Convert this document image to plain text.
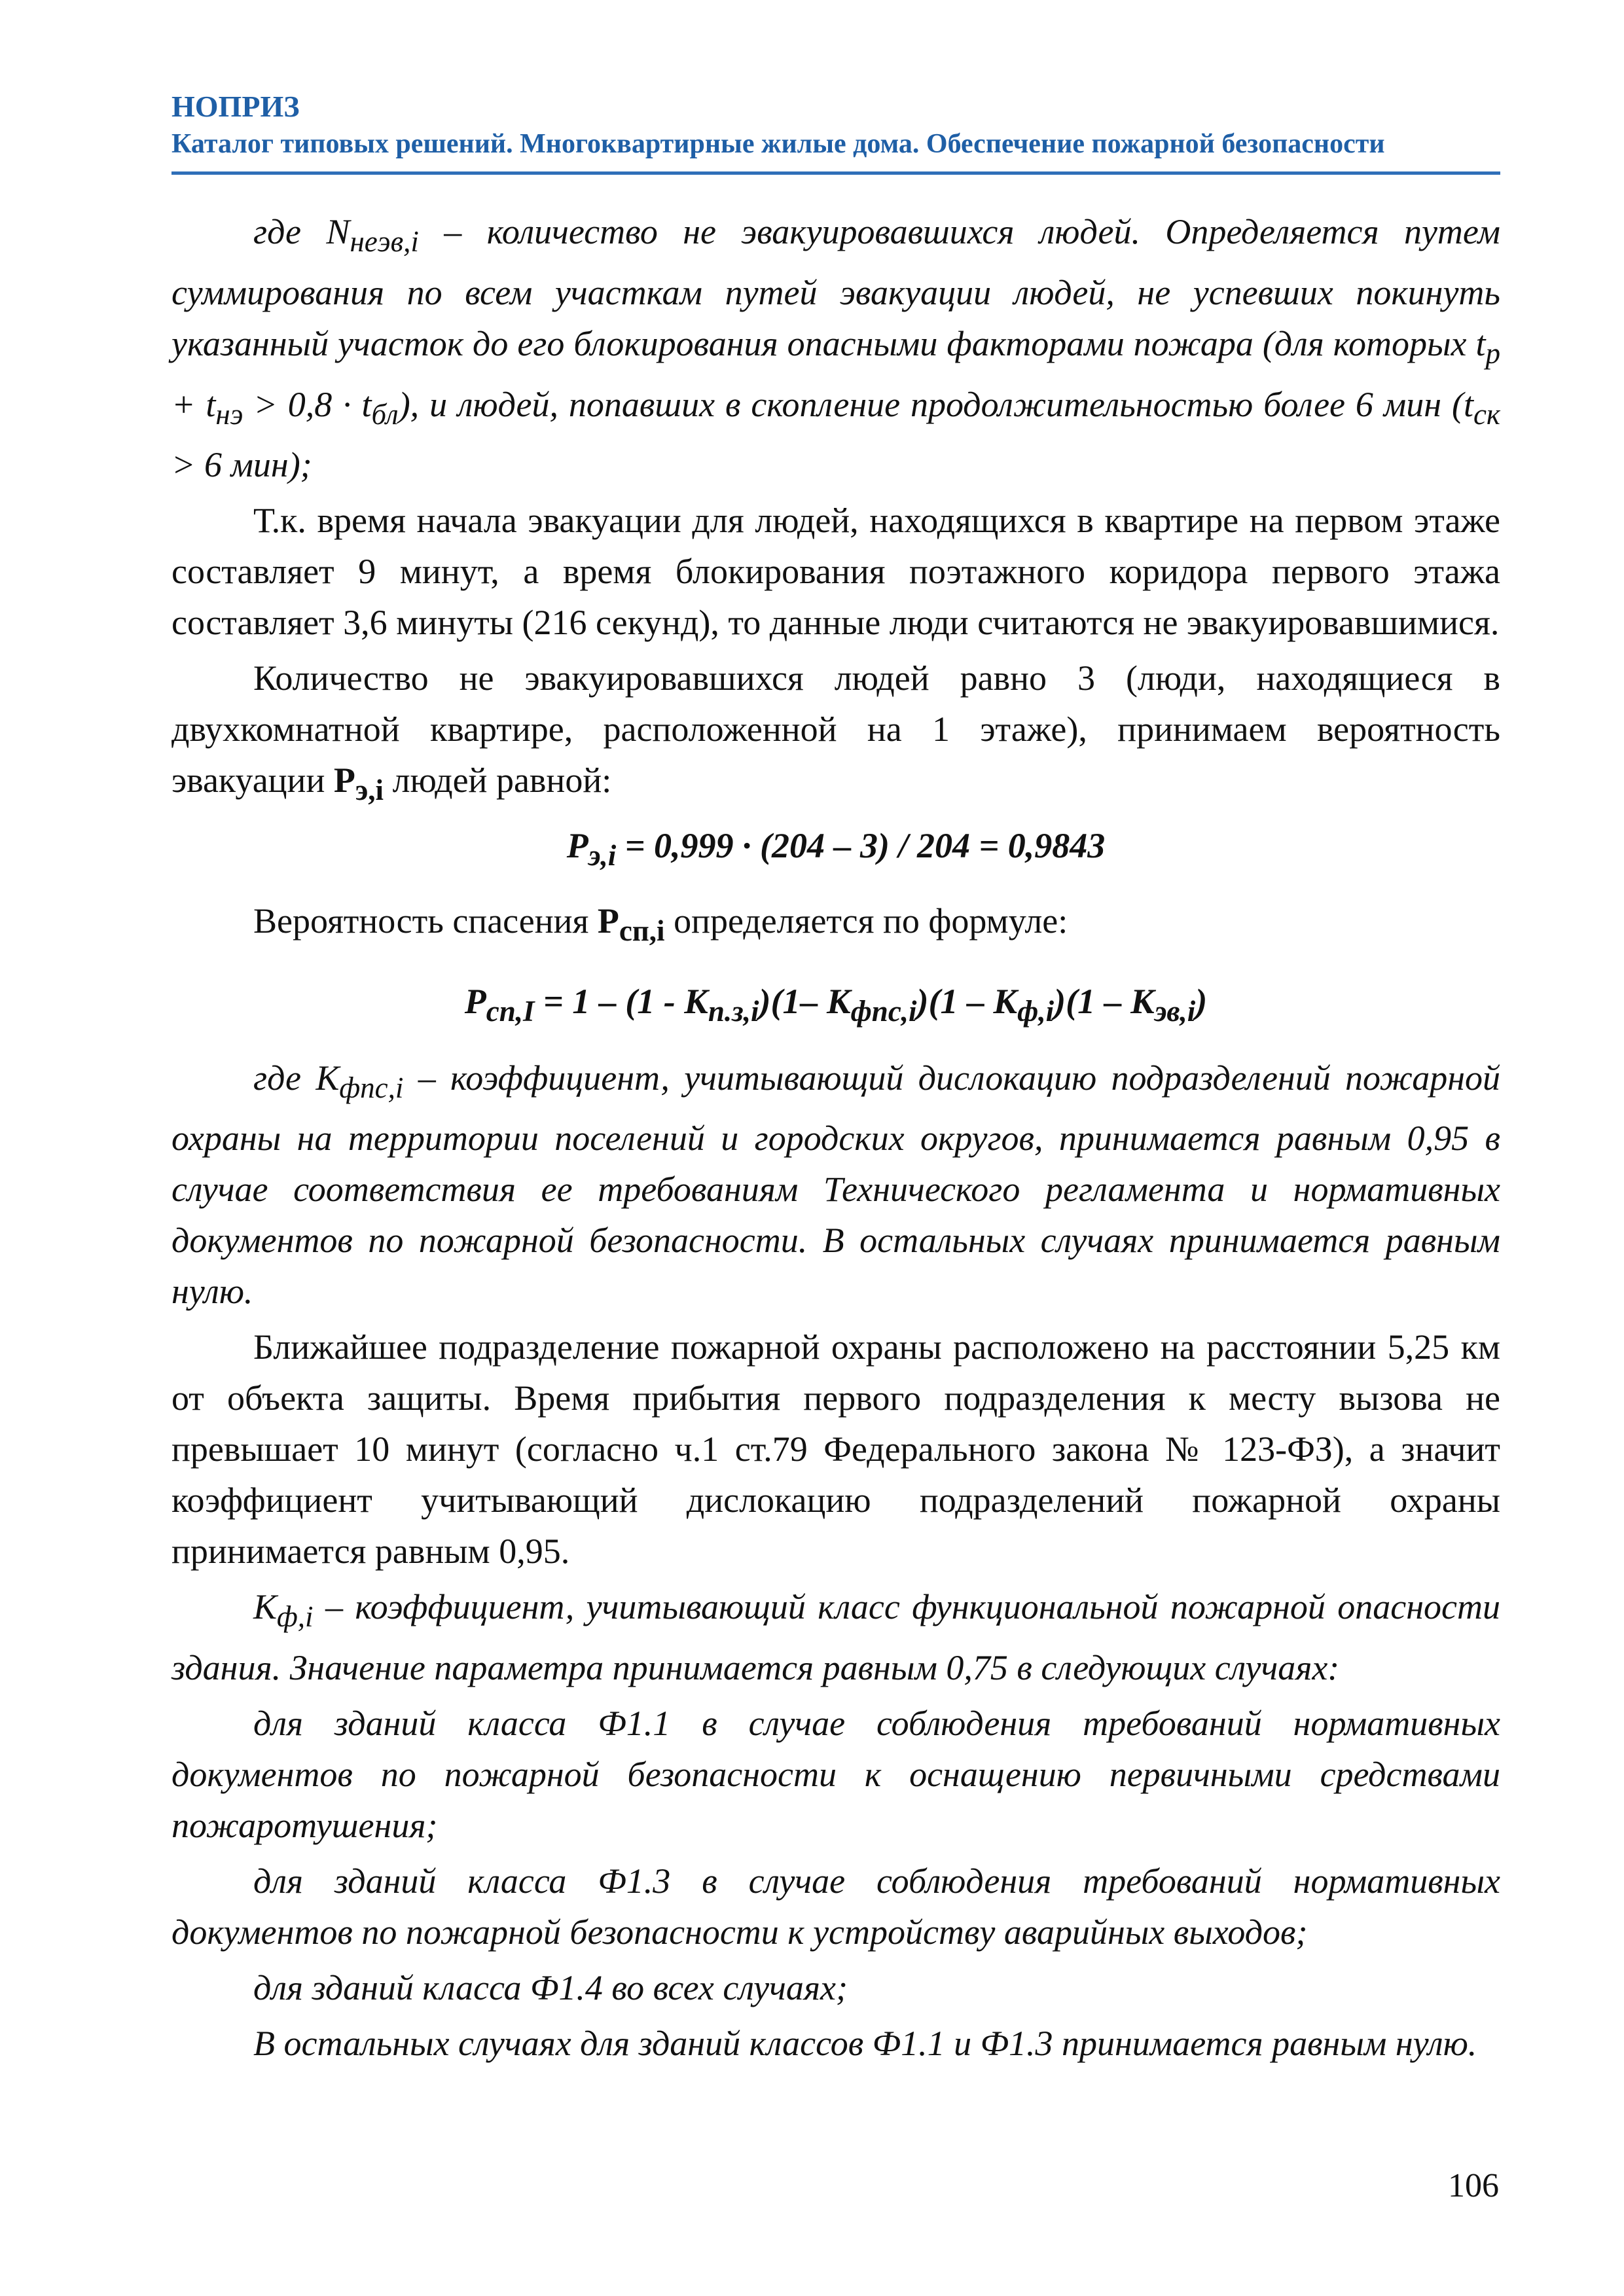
НОПРИЗ
Каталог типовых решений. Многоквартирные жилые дома. Обеспечение пожарной безопасности

где $N_{неэв,i}$ – количество не эвакуировавшихся людей. Определяется путем суммирования по всем участкам путей эвакуации людей, не успевших покинуть указанный участок до его блокирования опасными факторами пожара (для которых $t_р + t_{нэ} > 0,8 \cdot t_{бл}$), и людей, попавших в скопление продолжительностью более 6 мин ($t_{ск} > 6$ мин);

Т.к. время начала эвакуации для людей, находящихся в квартире на первом этаже составляет 9 минут, а время блокирования поэтажного коридора первого этажа составляет 3,6 минуты (216 секунд), то данные люди считаются не эвакуировавшимися.

Количество не эвакуировавшихся людей равно 3 (люди, находящиеся в двухкомнатной квартире, расположенной на 1 этаже), принимаем вероятность эвакуации $Р_{э,i}$ людей равной:

$Р_{э,i} = 0,999 \cdot (204 - 3) / 204 = 0,9843$

Вероятность спасения $Р_{сп,i}$ определяется по формуле:

$Р_{сп,I} = 1 - (1 - К_{п.з,i})(1-$ $К_{фпс,i})(1 - К_{ф,i})(1 - К_{эв,i})$

где $К_{фпс,i}$ – коэффициент, учитывающий дислокацию подразделений пожарной охраны на территории поселений и городских округов, принимается равным 0,95 в случае соответствия ее требованиям Технического регламента и нормативных документов по пожарной безопасности. В остальных случаях принимается равным нулю.

Ближайшее подразделение пожарной охраны расположено на расстоянии 5,25 км от объекта защиты. Время прибытия первого подразделения к месту вызова не превышает 10 минут (согласно ч.1 ст.79 Федерального закона № 123-ФЗ), а значит коэффициент учитывающий дислокацию подразделений пожарной охраны принимается равным 0,95.

$К_{ф,i}$ – коэффициент, учитывающий класс функциональной пожарной опасности здания. Значение параметра принимается равным 0,75 в следующих случаях:

для зданий класса Ф1.1 в случае соблюдения требований нормативных документов по пожарной безопасности к оснащению первичными средствами пожаротушения;

для зданий класса Ф1.3 в случае соблюдения требований нормативных документов по пожарной безопасности к устройству аварийных выходов;

для зданий класса Ф1.4 во всех случаях;

В остальных случаях для зданий классов Ф1.1 и Ф1.3 принимается равным нулю.

106
